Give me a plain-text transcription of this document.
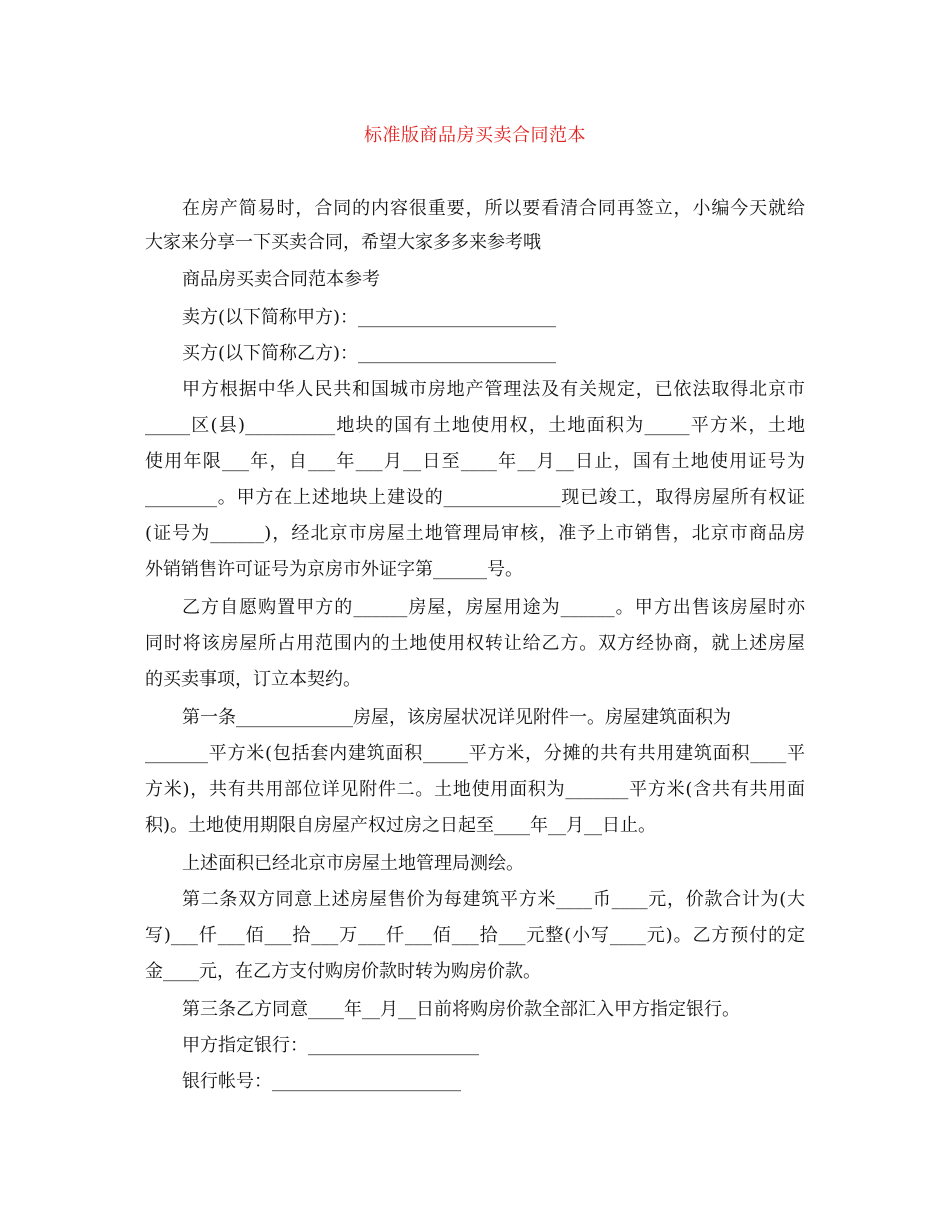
标准版商品房买卖合同范本
在房产简易时，合同的内容很重要，所以要看清合同再签立，小编今天就给
大家来分享一下买卖合同，希望大家多多来参考哦
商品房买卖合同范本参考
卖方(以下简称甲方)：______________________
买方(以下简称乙方)：______________________
甲方根据中华人民共和国城市房地产管理法及有关规定，已依法取得北京市
_____区(县)__________地块的国有土地使用权，土地面积为_____平方米，土地
使用年限___年，自___年___月__日至____年__月__日止，国有土地使用证号为
________。甲方在上述地块上建设的_____________现已竣工，取得房屋所有权证
(证号为______)，经北京市房屋土地管理局审核，准予上市销售，北京市商品房
外销销售许可证号为京房市外证字第______号。
乙方自愿购置甲方的______房屋，房屋用途为______。甲方出售该房屋时亦
同时将该房屋所占用范围内的土地使用权转让给乙方。双方经协商，就上述房屋
的买卖事项，订立本契约。
第一条_____________房屋，该房屋状况详见附件一。房屋建筑面积为
_______平方米(包括套内建筑面积_____平方米，分摊的共有共用建筑面积____平
方米)，共有共用部位详见附件二。土地使用面积为_______平方米(含共有共用面
积)。土地使用期限自房屋产权过房之日起至____年__月__日止。
上述面积已经北京市房屋土地管理局测绘。
第二条双方同意上述房屋售价为每建筑平方米____币____元，价款合计为(大
写)___仟___佰___拾___万___仟___佰___拾___元整(小写____元)。乙方预付的定
金____元，在乙方支付购房价款时转为购房价款。
第三条乙方同意____年__月__日前将购房价款全部汇入甲方指定银行。
甲方指定银行：___________________
银行帐号：_____________________
